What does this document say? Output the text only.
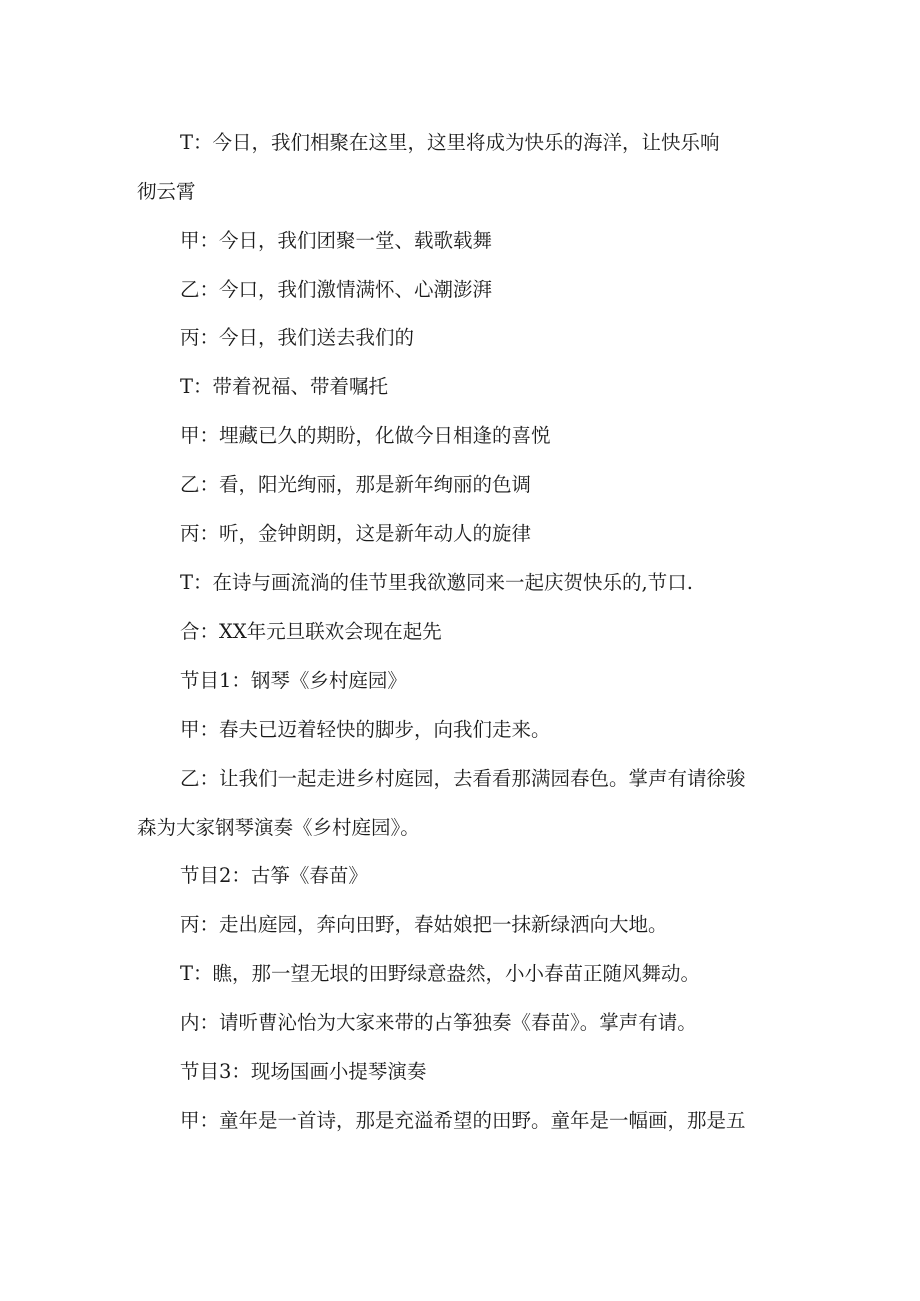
T：今日，我们相聚在这里，这里将成为快乐的海洋，让快乐响
彻云霄
甲：今日，我们团聚一堂、载歌载舞
乙：今口，我们激情满怀、心潮澎湃
丙：今日，我们送去我们的
T：带着祝福、带着嘱托
甲：埋藏已久的期盼，化做今日相逢的喜悦
乙：看，阳光绚丽，那是新年绚丽的色调
丙：听，金钟朗朗，这是新年动人的旋律
T：在诗与画流淌的佳节里我欲邀同来一起庆贺快乐的,节口.
合：XX年元旦联欢会现在起先
节目1：钢琴《乡村庭园》
甲：春夫已迈着轻快的脚步，向我们走来。
乙：让我们一起走进乡村庭园，去看看那满园春色。掌声有请徐骏
森为大家钢琴演奏《乡村庭园》。
节目2：古筝《春苗》
丙：走出庭园，奔向田野，春姑娘把一抹新绿洒向大地。
T：瞧，那一望无垠的田野绿意盎然，小小春苗正随风舞动。
内：请听曹沁怡为大家来带的占筝独奏《春苗》。掌声有请。
节目3：现场国画小提琴演奏
甲：童年是一首诗，那是充溢希望的田野。童年是一幅画，那是五
